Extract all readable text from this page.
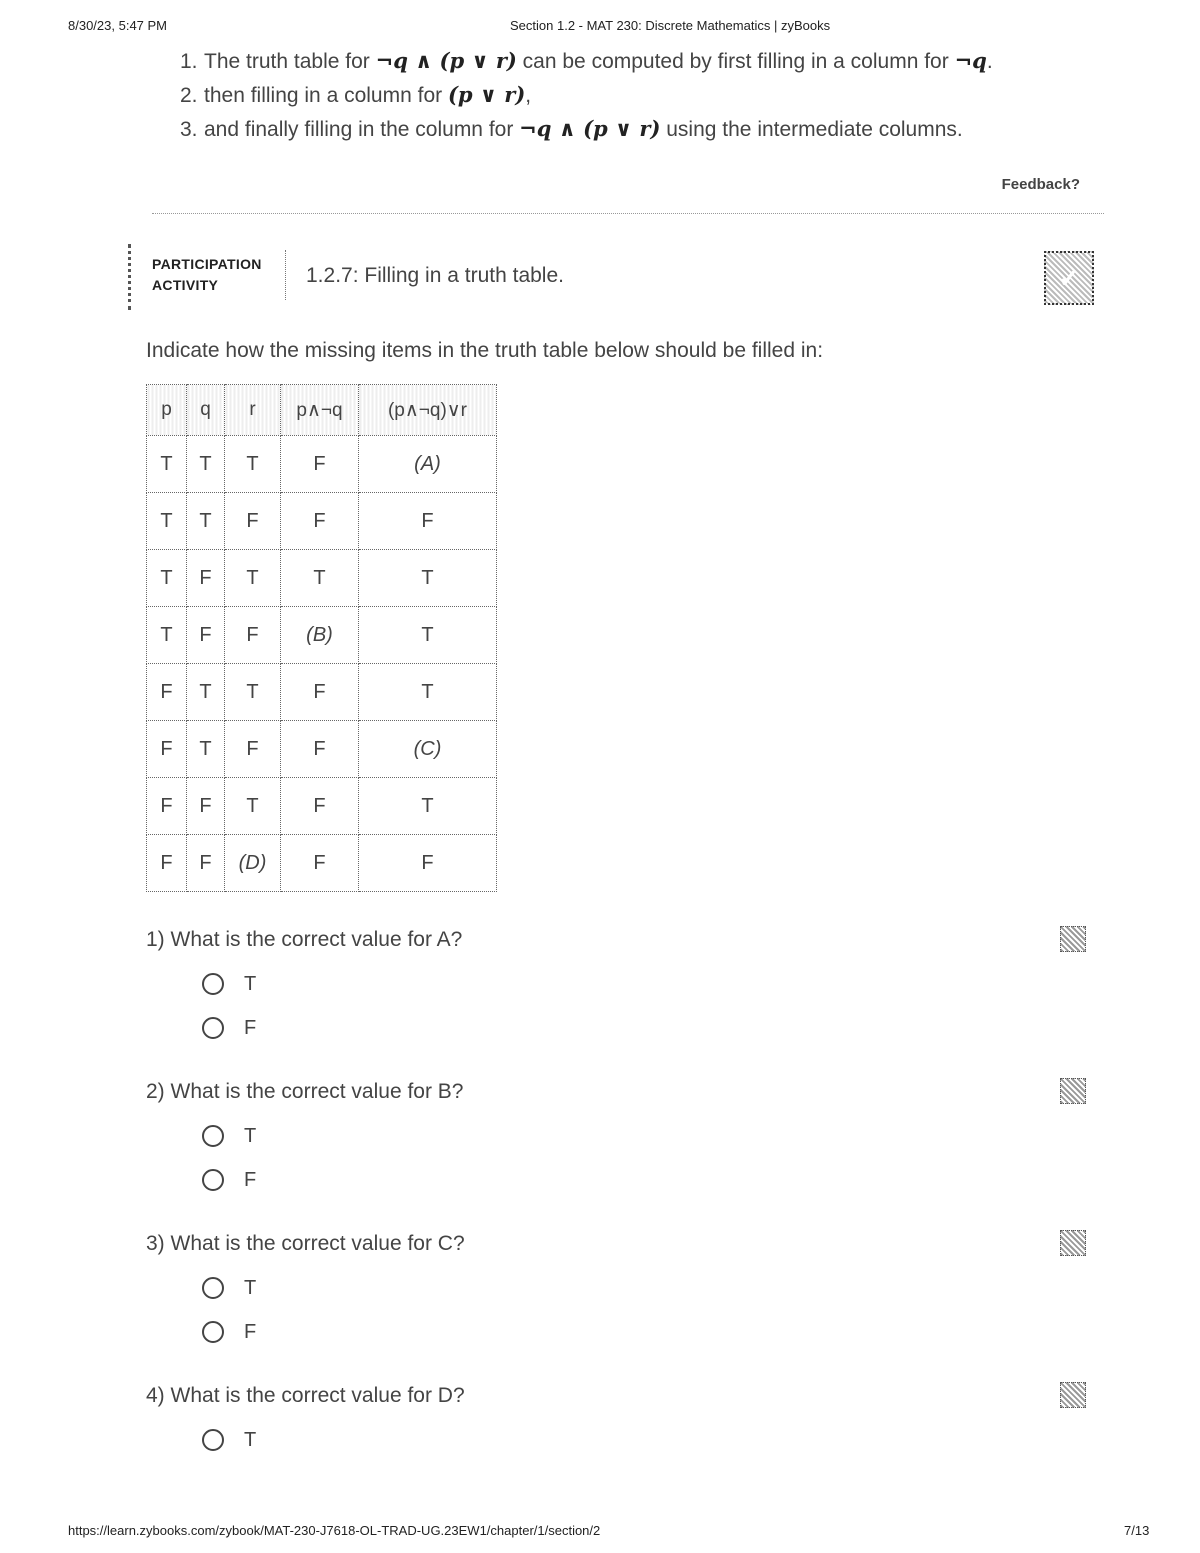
8/30/23, 5:47 PM	Section 1.2 - MAT 230: Discrete Mathematics | zyBooks
1. The truth table for ¬q ∧ (p ∨ r) can be computed by first filling in a column for ¬q.
2. then filling in a column for (p ∨ r),
3. and finally filling in the column for ¬q ∧ (p ∨ r) using the intermediate columns.
Feedback?
PARTICIPATION
ACTIVITY	1.2.7: Filling in a truth table.	✓
Indicate how the missing items in the truth table below should be filled in:
p	q	r	p∧¬q	(p∧¬q)∨r
T	T	T	F	(A)
T	T	F	F	F
T	F	T	T	T
T	F	F	(B)	T
F	T	T	F	T
F	T	F	F	(C)
F	F	T	F	T
F	F	(D)	F	F
1) What is the correct value for A?
T
F
2) What is the correct value for B?
T
F
3) What is the correct value for C?
T
F
4) What is the correct value for D?
T
https://learn.zybooks.com/zybook/MAT-230-J7618-OL-TRAD-UG.23EW1/chapter/1/section/2	7/13
